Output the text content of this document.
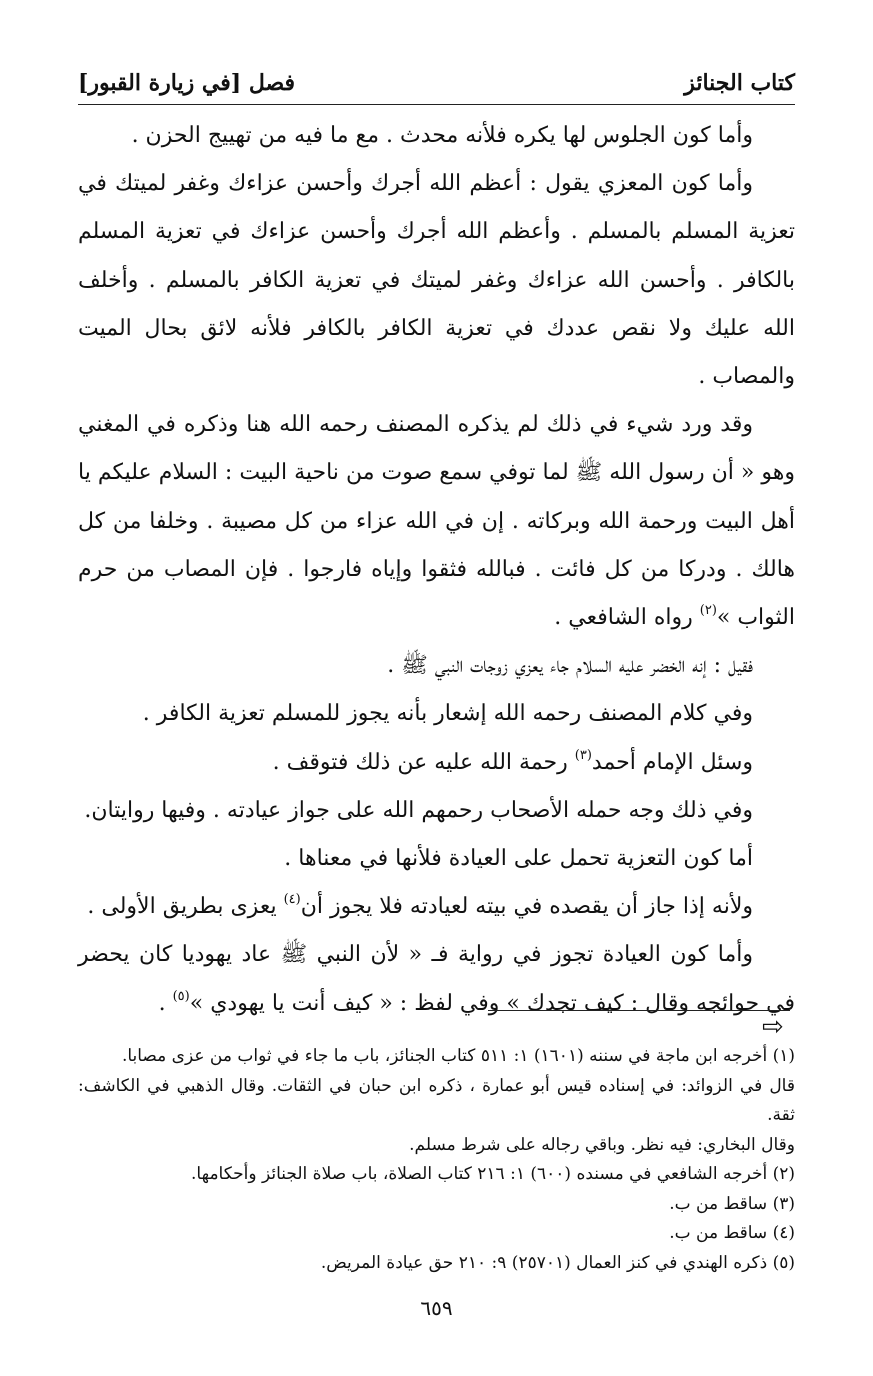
كتاب الجنائز
فصل [في زيارة القبور]

وأما كون الجلوس لها يكره فلأنه محدث . مع ما فيه من تهييج الحزن .

وأما كون المعزي يقول : أعظم الله أجرك وأحسن عزاءك وغفر لميتك في تعزية المسلم بالمسلم . وأعظم الله أجرك وأحسن عزاءك في تعزية المسلم بالكافر . وأحسن الله عزاءك وغفر لميتك في تعزية الكافر بالمسلم . وأخلف الله عليك ولا نقص عددك في تعزية الكافر بالكافر فلأنه لائق بحال الميت والمصاب .

وقد ورد شيء في ذلك لم يذكره المصنف رحمه الله هنا وذكره في المغني وهو « أن رسول الله ﷺ لما توفي سمع صوت من ناحية البيت : السلام عليكم يا أهل البيت ورحمة الله وبركاته . إن في الله عزاء من كل مصيبة . وخلفا من كل هالك . ودركا من كل فائت . فبالله فثقوا وإياه فارجوا . فإن المصاب من حرم الثواب »$^{(٢)}$ رواه الشافعي .

فقيل : إنه الخضر عليه السلام جاء يعزي زوجات النبي ﷺ .

وفي كلام المصنف رحمه الله إشعار بأنه يجوز للمسلم تعزية الكافر .

وسئل الإمام أحمد$^{(٣)}$ رحمة الله عليه عن ذلك فتوقف .

وفي ذلك وجه حمله الأصحاب رحمهم الله على جواز عيادته . وفيها روايتان.

أما كون التعزية تحمل على العيادة فلأنها في معناها .

ولأنه إذا جاز أن يقصده في بيته لعيادته فلا يجوز أن$^{(٤)}$ يعزى بطريق الأولى .

وأما كون العيادة تجوز في رواية فـ « لأن النبي ﷺ عاد يهوديا كان يحضر في حوائجه وقال : كيف تجدك » وفي لفظ : « كيف أنت يا يهودي »$^{(٥)}$ .

⇨

(١) أخرجه ابن ماجة في سننه (١٦٠١) ١: ٥١١ كتاب الجنائز، باب ما جاء في ثواب من عزى مصابا.

قال في الزوائد: في إسناده قيس أبو عمارة ، ذكره ابن حبان في الثقات. وقال الذهبي في الكاشف: ثقة.

وقال البخاري: فيه نظر. وباقي رجاله على شرط مسلم.

(٢) أخرجه الشافعي في مسنده (٦٠٠) ١: ٢١٦ كتاب الصلاة، باب صلاة الجنائز وأحكامها.

(٣) ساقط من ب.

(٤) ساقط من ب.

(٥) ذكره الهندي في كنز العمال (٢٥٧٠١) ٩: ٢١٠ حق عيادة المريض.

٦٥٩
